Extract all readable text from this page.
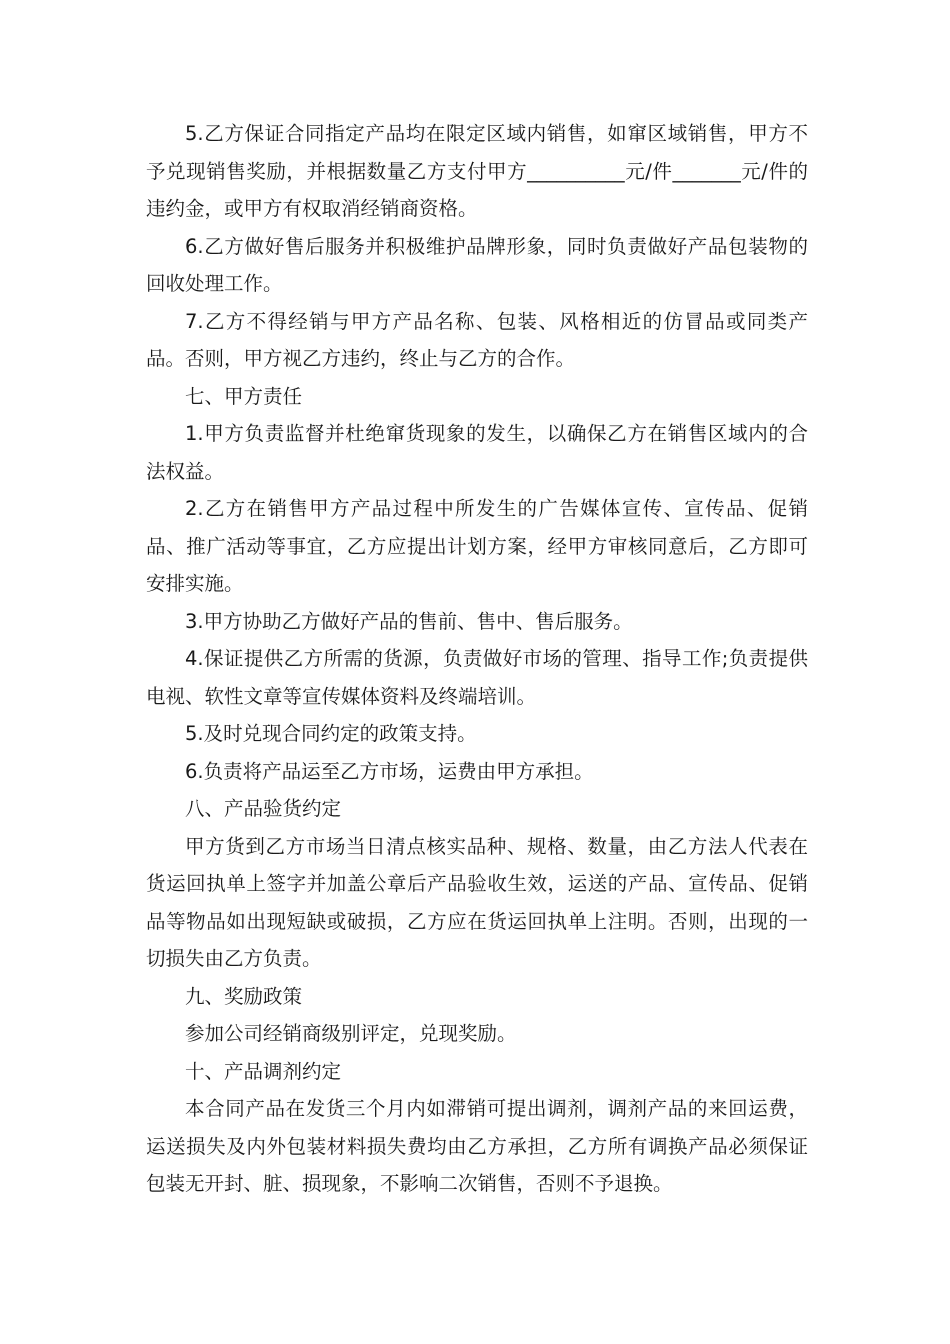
5.乙方保证合同指定产品均在限定区域内销售，如窜区域销售，甲方不予兑现销售奖励，并根据数量乙方支付甲方__________元/件_______元/件的违约金，或甲方有权取消经销商资格。

6.乙方做好售后服务并积极维护品牌形象，同时负责做好产品包装物的回收处理工作。

7.乙方不得经销与甲方产品名称、包装、风格相近的仿冒品或同类产品。否则，甲方视乙方违约，终止与乙方的合作。

七、甲方责任

1.甲方负责监督并杜绝窜货现象的发生，以确保乙方在销售区域内的合法权益。

2.乙方在销售甲方产品过程中所发生的广告媒体宣传、宣传品、促销品、推广活动等事宜，乙方应提出计划方案，经甲方审核同意后，乙方即可安排实施。

3.甲方协助乙方做好产品的售前、售中、售后服务。

4.保证提供乙方所需的货源，负责做好市场的管理、指导工作;负责提供电视、软性文章等宣传媒体资料及终端培训。

5.及时兑现合同约定的政策支持。

6.负责将产品运至乙方市场，运费由甲方承担。

八、产品验货约定

甲方货到乙方市场当日清点核实品种、规格、数量，由乙方法人代表在货运回执单上签字并加盖公章后产品验收生效，运送的产品、宣传品、促销品等物品如出现短缺或破损，乙方应在货运回执单上注明。否则，出现的一切损失由乙方负责。

九、奖励政策

参加公司经销商级别评定，兑现奖励。

十、产品调剂约定

本合同产品在发货三个月内如滞销可提出调剂，调剂产品的来回运费，运送损失及内外包装材料损失费均由乙方承担，乙方所有调换产品必须保证包装无开封、脏、损现象，不影响二次销售，否则不予退换。
